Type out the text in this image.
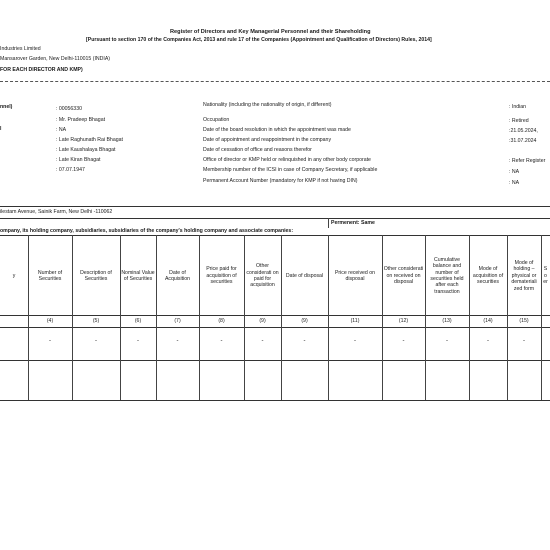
Register of Directors and Key Managerial Personnel and their Shareholding
[Pursuant to section 170 of the Companies Act, 2013 and rule 17 of the Companies (Appointment and Qualification of Directors) Rules, 2014]
Industries Limited
Mansarover Garden, New Delhi-110015 (INDIA)
FOR EACH DIRECTOR AND KMP)
nnel)
l
: 00056330
: Mr. Pradeep Bhagat
: NA
: Late Raghunath Rai Bhagat
: Late Kaushalaya Bhagat
: Late Kiran Bhagat
: 07.07.1947
Nationality (including the nationality of origin, if different)
Occupation
Date of the board resolution in which the appointment was made
Date of appointment and reappointment in the company
Date of cessation of office and reasons therefor
Office of director or KMP held or relinquished in any other body corporate
Membership number of the ICSI in case of Company Secretary, if applicable
Permanent Account Number (mandatory for KMP if not having DIN)
: Indian
: Retired
:21.05.2024,
:31.07.2024
: Refer Register
: NA
: NA
ilestam Avenue, Sainik Farm, New Delhi -110062
Permenent: Same
ompany, its holding company, subsidiaries, subsidiaries of the company's holding company and associate companies:
y
Number of Securities
(4)
-
Description of Securities
(5)
-
Nominal Value of Securities
(6)
-
Date of Acquisition
(7)
-
Price paid for acquisition of securities
(8)
-
Other considerati on paid for acquisition
(9)
-
Date of disposal
(9)
-
Price received on disposal
(11)
-
Other considerati on received on disposal
(12)
-
Cumulative balance and number of securities held after each transaction
(13)
-
Mode of acquisition of securities
(14)
-
Mode of holding – physical or demateriali zed form
(15)
-
S o er
